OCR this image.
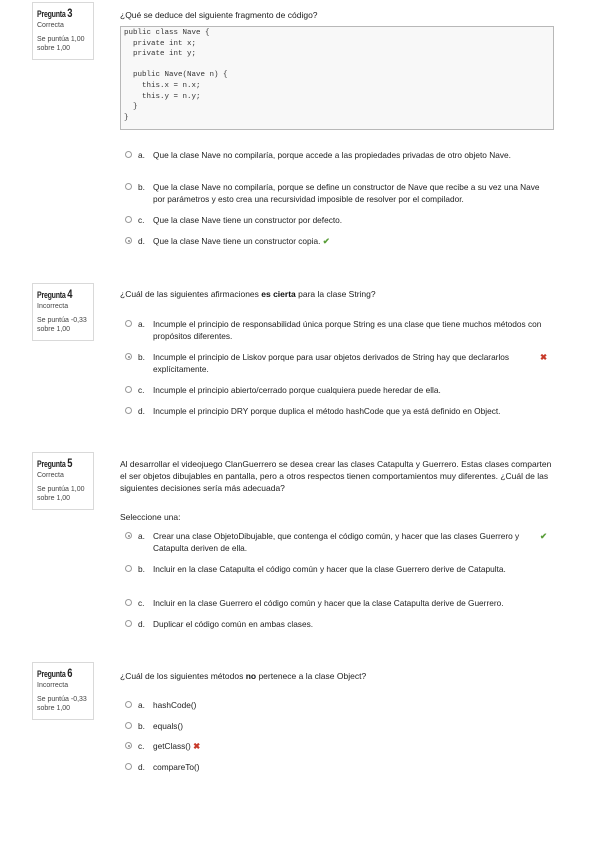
Pregunta 3
Correcta
Se puntúa 1,00 sobre 1,00
¿Qué se deduce del siguiente fragmento de código?
public class Nave {
private int x;
private int y;

public Nave(Nave n) {
this.x = n.x;
this.y = n.y;
}
}
a. Que la clase Nave no compilaría, porque accede a las propiedades privadas de otro objeto Nave.
b. Que la clase Nave no compilaría, porque se define un constructor de Nave que recibe a su vez una Nave por parámetros y esto crea una recursividad imposible de resolver por el compilador.
c. Que la clase Nave tiene un constructor por defecto.
d. Que la clase Nave tiene un constructor copia. ✔
Pregunta 4
Incorrecta
Se puntúa -0,33 sobre 1,00
¿Cuál de las siguientes afirmaciones es cierta para la clase String?
a. Incumple el principio de responsabilidad única porque String es una clase que tiene muchos métodos con propósitos diferentes.
b. Incumple el principio de Liskov porque para usar objetos derivados de String hay que declararlos explícitamente.
✖
c. Incumple el principio abierto/cerrado porque cualquiera puede heredar de ella.
d. Incumple el principio DRY porque duplica el método hashCode que ya está definido en Object.
Pregunta 5
Correcta
Se puntúa 1,00 sobre 1,00
Al desarrollar el videojuego ClanGuerrero se desea crear las clases Catapulta y Guerrero. Estas clases comparten el ser objetos dibujables en pantalla, pero a otros respectos tienen comportamientos muy diferentes. ¿Cuál de las siguientes decisiones sería más adecuada?
Seleccione una:
a. Crear una clase ObjetoDibujable, que contenga el código común, y hacer que las clases Guerrero y Catapulta deriven de ella.
✔
b. Incluir en la clase Catapulta el código común y hacer que la clase Guerrero derive de Catapulta.
c. Incluir en la clase Guerrero el código común y hacer que la clase Catapulta derive de Guerrero.
d. Duplicar el código común en ambas clases.
Pregunta 6
Incorrecta
Se puntúa -0,33 sobre 1,00
¿Cuál de los siguientes métodos no pertenece a la clase Object?
a. hashCode()
b. equals()
c. getClass() ✖
d. compareTo()
